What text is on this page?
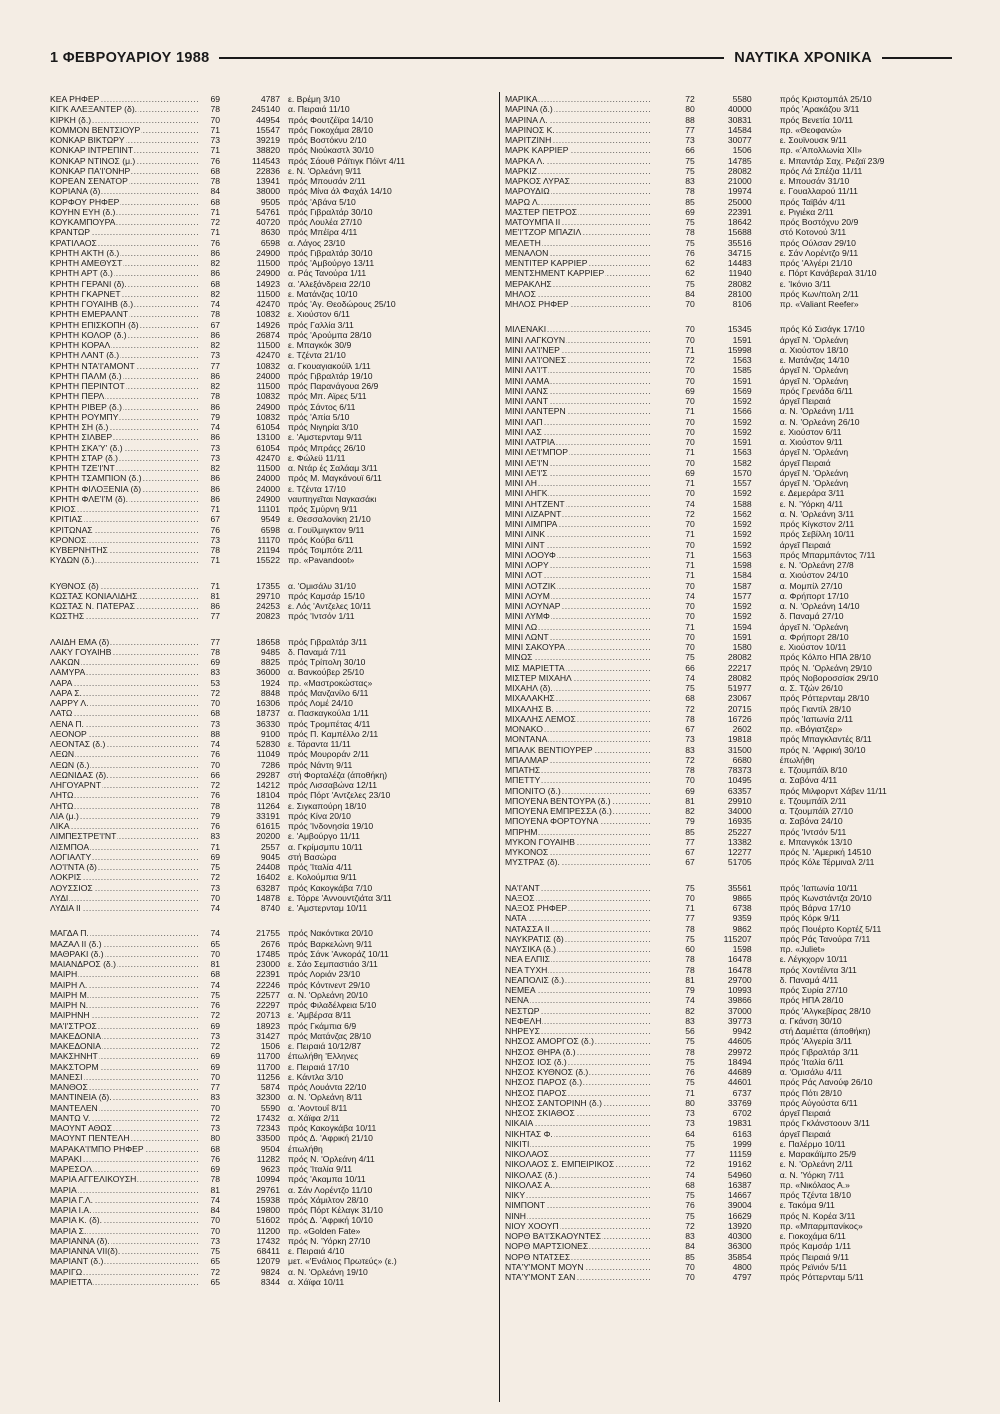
1 ΦΕΒΡΟΥΑΡΙΟΥ 1988	ΝΑΥΤΙΚΑ ΧΡΟΝΙΚΑ
ΚΕΑ ΡΗΦΕΡ .....	69	4787 ε. Βρέμη 3/10
ΚΙΓΚ ΑΛΕΞΑΝΤΕΡ (δ). .....	78	245140 α. Πειραιά 11/10
ΚΙΡΚΗ (δ.) .....	70	44954 πρός Φουτζέϊρα 14/10
ΚΟΜΜΟΝ ΒΕΝΤΣΙΟΥΡ .....	71	15547 πρός Γιοκοχάμα 28/10
ΚΟΝΚΑΡ ΒΙΚΤΩΡΥ .....	73	39219 πρός Βοστόκνυ 2/10
ΚΟΝΚΑΡ ΙΝΤΡΕΠΙΝΤ .....	71	38820 πρός Νιούκαστλ 30/10
ΚΟΝΚΑΡ ΝΤΙΝΟΣ (μ.) .....	76	114543 πρός Σάουθ Ράϊτιγκ Πόϊντ 4/11
ΚΟΝΚΑΡ ΠΑ'Ι'ΟΝΗΡ .....	68	22836 ε. Ν. 'Ορλεάνη 9/11
ΚΟΡΕΑΝ ΣΕΝΑΤΟΡ .....	78	13941 πρός Μπουσάν 2/11
ΚΟΡΙΑΝΑ (δ) .....	84	38000 πρός Μίνα άλ Φαχάλ 14/10
ΚΟΡΦΟΥ ΡΗΦΕΡ .....	68	9505 πρός 'Αβάνα 5/10
ΚΟΥΗΝ ΕΥΗ (δ.) .....	71	54761 πρός Γιβραλτάρ 30/10
ΚΟΥΚΑΜΠΟΥΡΑ .....	72	40720 πρός Λουλέα 27/10
ΚΡΑΝΤΩΡ .....	71	8630 πρός Μπέϊρα 4/11
ΚΡΑΤΙΛΑΟΣ .....	76	6598 α. Λάγος 23/10
ΚΡΗΤΗ ΑΚΤΗ (δ.) .....	86	24900 πρός Γιβραλτάρ 30/10
ΚΡΗΤΗ ΑΜΕΘΥΣΤ .....	82	11500 πρός 'Αμβούργο 13/11
ΚΡΗΤΗ ΑΡΤ (δ.) .....	86	24900 α. Ράς Τανούρα 1/11
ΚΡΗΤΗ ΓΕΡΑΝΙ (δ). .....	68	14923 α. 'Αλεξάνδρεια 22/10
ΚΡΗΤΗ ΓΚΑΡΝΕΤ .....	82	11500 ε. Ματάνζας 10/10
ΚΡΗΤΗ ΓΟΥΑΙΗΒ (δ.) .....	74	42470 πρός 'Αγ. Θεοδώρους 25/10
ΚΡΗΤΗ ΕΜΕΡΑΛΝΤ .....	78	10832 ε. Χιούστον 6/11
ΚΡΗΤΗ ΕΠΙΣΚΟΠΗ (δ) .....	67	14926 πρός Γαλλία 3/11
ΚΡΗΤΗ ΚΟΛΟΡ (δ.) .....	86	26874 πρός 'Αρούμπα 28/10
ΚΡΗΤΗ ΚΟΡΑΛ .....	82	11500 ε. Μπαγκόκ 30/9
ΚΡΗΤΗ ΛΑΝΤ (δ.) .....	73	42470 ε. Τζέντα 21/10
ΚΡΗΤΗ ΝΤΑ'Ι'ΑΜΟΝΤ .....	77	10832 α. Γκουαγιακούϊλ 1/11
ΚΡΗΤΗ ΠΑΛΜ (δ.) .....	86	24000 πρός Γιβραλτάρ 19/10
ΚΡΗΤΗ ΠΕΡΙΝΤΟΤ .....	82	11500 πρός Παρανάγουα 26/9
ΚΡΗΤΗ ΠΕΡΛ .....	78	10832 πρός Μπ. Αϊρες 5/11
ΚΡΗΤΗ ΡΙΒΕΡ (δ.) .....	86	24900 πρός Σάντος 6/11
ΚΡΗΤΗ ΡΟΥΜΠΥ .....	79	10832 πρός 'Απία 5/10
ΚΡΗΤΗ ΣΗ (δ.) .....	74	61054 πρός Νιγηρία 3/10
ΚΡΗΤΗ ΣΙΛΒΕΡ .....	86	13100 ε. 'Αμστερνταμ 9/11
ΚΡΗΤΗ ΣΚΑ'Υ' (δ.) .....	73	61054 πρός Μπράςς 26/10
ΚΡΗΤΗ ΣΤΑΡ (δ.) .....	73	42470 ε. Φώλεϋ 11/11
ΚΡΗΤΗ ΤΖΕ'Ι'ΝΤ .....	82	11500 α. Ντάρ ές Σαλάαμ 3/11
ΚΡΗΤΗ ΤΣΑΜΠΙΟΝ (δ.) .....	86	24000 πρός Μ. Μαγκάνουϊ 6/11
ΚΡΗΤΗ ΦΙΛΟΞΕΝΙΑ (δ) .....	86	24000 ε. Τζέντα 17/10
ΚΡΗΤΗ ΦΛΕ'Ι'Μ (δ). .....	86	24900 ναυπηγεῖται Ναγκασάκι
ΚΡΙΟΣ .....	71	11101 πρός Σμύρνη 9/11
ΚΡΙΤΙΑΣ .....	67	9549 ε. Θεσσαλονίκη 21/10
ΚΡΙΤΩΝΑΣ .....	76	6598 α. Γουϊλμιγκτον 9/11
ΚΡΟΝΟΣ .....	73	11170 πρός Κούβα 6/11
ΚΥΒΕΡΝΗΤΗΣ .....	78	21194 πρός Τσιμπότε 2/11
ΚΥΔΩΝ (δ.) .....	71	15522 πρ. «Pavandoot»
ΚΥΘΝΟΣ (δ) .....	71	17355 α. 'Ομισάλυ 31/10
ΚΩΣΤΑΣ ΚΟΝΙΑΛΙΔΗΣ .....	81	29710 πρός Καμσάρ 15/10
ΚΩΣΤΑΣ Ν. ΠΑΤΕΡΑΣ .....	86	24253 ε. Λός 'Αντζελες 10/11
ΚΩΣΤΗΣ .....	77	20823 πρός 'Ιντσόν 1/11
ΛΑΙΔΗ ΕΜΑ (δ) .....	77	18658 πρός Γιβραλτάρ 3/11
ΛΑΚΥ ΓΟΥΑΙΗΒ .....	78	9485 δ. Παναμά 7/11
ΛΑΚΩΝ .....	69	8825 πρός Τρίπολη 30/10
ΛΑΜΥΡΑ .....	83	36000 α. Βανκούβερ 25/10
ΛΑΡΑ .....	53	1924 πρ. «Μαστροκώστας»
ΛΑΡΑ Σ. .....	72	8848 πρός Μανζανίλο 6/11
ΛΑΡΡΥ Λ. .....	70	16306 πρός Λομέ 24/10
ΛΑΤΩ .....	68	18737 α. Πασκαγκούλα 1/11
ΛΕΝΑ Π. .....	73	36330 πρός Τρομπέτας 4/11
ΛΕΟΝΟΡ .....	88	9100 πρός Π. Καμπέλλο 2/11
ΛΕΟΝΤΑΣ (δ.) .....	74	52830 ε. Τάραντα 11/11
ΛΕΩΝ .....	76	11049 πρός Μουροράν 2/11
ΛΕΩΝ (δ.) .....	70	7286 πρός Νάντη 9/11
ΛΕΩΝΙΔΑΣ (δ). .....	66	29287 στή Φορταλέζα (άποθήκη)
ΛΗΓΟΥΑΡΝΤ .....	72	14212 πρός Λισσαβώνα 12/11
ΛΗΤΩ .....	76	18104 πρός Πόρτ 'Αντζελες 23/10
ΛΗΤΩ .....	78	11264 ε. Σιγκαπούρη 18/10
ΛΙΑ (μ.) .....	79	33191 πρός Κίνα 20/10
ΛΙΚΑ .....	76	61615 πρός 'Ινδονησία 19/10
ΛΙΜΠΕΣΤΡΕ'Ι'ΝΤ .....	83	20200 ε. 'Αμβούργο 11/11
ΛΙΣΜΠΟΑ .....	71	2557 α. Γκρίμσμπυ 10/11
ΛΟΓΙΑΛΤΥ .....	69	9045 στή Βασώρα
ΛΟ'Ι'ΝΤΑ (δ) .....	75	24408 πρός 'Ιταλία 4/11
ΛΟΚΡΙΣ .....	72	16402 ε. Κολούμπια 9/11
ΛΟΥΣΣΙΟΣ .....	73	63287 πρός Κακογκάβα 7/10
ΛΥΔΙ .....	70	14878 ε. Τόρρε 'Αννουντζιάτα 3/11
ΛΥΔΙΑ ΙΙ .....	74	8740 ε. 'Αμστερνταμ 10/11
ΜΑΓΔΑ Π. .....	74	21755 πρός Νακόντικα 20/10
ΜΑΖΑΛ ΙΙ (δ.) .....	65	2676 πρός Βαρκελώνη 9/11
ΜΑΘΡΑΚΙ (δ.) .....	70	17485 πρός Σάνκ 'Ανκοράζ 10/11
ΜΑΙΑΝΔΡΟΣ (δ.) .....	81	23000 ε. Σάο Σεμπαστιάο 3/11
ΜΑΙΡΗ .....	68	22391 πρός Λοριάν 23/10
ΜΑΙΡΗ Λ. .....	74	22246 πρός Κόντινεντ 29/10
ΜΑΙΡΗ Μ. .....	75	22577 α. Ν. 'Ορλεάνη 20/10
ΜΑΙΡΗ Ν. .....	76	22297 πρός Φιλαδέλφεια 5/10
ΜΑΙΡΗΝΗ .....	72	20713 ε. 'Αμβέρσα 8/11
ΜΑ'Ι'ΣΤΡΟΣ .....	69	18923 πρός Γκάμπια 6/9
ΜΑΚΕΔΟΝΙΑ .....	73	31427 πρός Ματάνζας 28/10
ΜΑΚΕΔΟΝΙΑ .....	72	1506 ε. Πειραιά 10/12/87
ΜΑΚΣΗΝΗΤ .....	69	11700 έπωλήθη 'Ελληνες
ΜΑΚΣΤΟΡΜ .....	69	11700 ε. Πειραιά 17/10
ΜΑΝΕΣΙ .....	70	11256 ε. Κάντλα 3/10
ΜΑΝΘΟΣ .....	77	5874 πρός Λουάντα 22/10
ΜΑΝΤΙΝΕΙΑ (δ). .....	83	32300 α. Ν. 'Ορλεάνη 8/11
ΜΑΝΤΕΛΕΝ .....	70	5590 α. 'Αοντουΐ 8/11
ΜΑΝΤΩ V. .....	72	17432 α. Χάϊφα 2/11
ΜΑΟΥΝΤ ΑΘΩΣ .....	73	72343 πρός Κακογκάβα 10/11
ΜΑΟΥΝΤ ΠΕΝΤΕΛΗ .....	80	33500 πρός Δ. 'Αφρική 21/10
ΜΑΡΑΚΑ'Ι'ΜΠΟ ΡΗΦΕΡ .....	68	9504 έπωλήθη
ΜΑΡΑΚΙ .....	76	11282 πρός Ν. 'Ορλεάνη 4/11
ΜΑΡΕΣΟΛ .....	69	9623 πρός 'Ιταλία 9/11
ΜΑΡΙΑ ΑΓΓΕΛΙΚΟΥΣΗ .....	78	10994 πρός 'Ακαμπα 10/11
ΜΑΡΙΑ .....	81	29761 α. Σάν Λορέντζο 11/10
ΜΑΡΙΑ Γ.Λ. .....	74	15938 πρός Χάμιλτον 28/10
ΜΑΡΙΑ Ι.Α. .....	84	19800 πρός Πόρτ Κέλαγκ 31/10
ΜΑΡΙΑ Κ. (δ). .....	70	51602 πρός Δ. 'Αφρική 10/10
ΜΑΡΙΑ Σ. .....	70	11200 πρ. «Golden Fate»
ΜΑΡΙΑΝΝΑ (δ). .....	73	17432 πρός Ν. 'Υόρκη 27/10
ΜΑΡΙΑΝΝΑ VII(δ). .....	75	68411 ε. Πειραιά 4/10
ΜΑΡΙΑΝΤ (δ.) .....	65	12079 μετ. «'Ενάλιος Πρωτεύς» (ε.)
ΜΑΡΙΓΩ .....	72	9824 α. Ν. 'Ορλεάνη 19/10
ΜΑΡΙΕΤΤΑ .....	65	8344 α. Χάϊφα 10/11
ΜΑΡΙΚΑ .....	72	5580	πρός Κριστομπάλ 25/10
ΜΑΡΙΝΑ (δ.) .....	80	40000	πρός 'Αρακάζου 3/11
ΜΑΡΙΝΑ Λ. .....	88	30831	πρός Βενετία 10/11
ΜΑΡΙΝΟΣ Κ. .....	77	14584	πρ. «Θεοφανώ»
ΜΑΡΙΤΖΙΝΗ .....	73	30077	ε. Σουϊνουσκ 9/11
ΜΑΡΚ ΚΑΡΡΙΕΡ .....	66	1506	πρ. «'Απολλωνία ΧΙΙ»
ΜΑΡΚΑ Λ. .....	75	14785	ε. Μπαντάρ Σαχ. Ρεζαϊ 23/9
ΜΑΡΚΙΖ .....	75	28082	πρός Λά Σπέζια 11/11
ΜΑΡΚΟΣ ΛΥΡΑΣ .....	83	21000	ε. Μπουσάν 31/10
ΜΑΡΟΥΔΙΩ .....	78	19974	ε. Γουαλλαρού 11/11
ΜΑΡΩ Λ. .....	85	25000	πρός Ταϊβάν 4/11
ΜΑΣΤΕΡ ΠΕΤΡΟΣ .....	69	22391	ε. Ριγιέκα 2/11
ΜΑΤΟΥΜΠΑ ΙΙ .....	75	18642	πρός Βοστόχνυ 20/9
ΜΕ'Ι'ΤΖΟΡ ΜΠΑΖΙΛ .....	78	15688	στό Κοτονού 3/11
ΜΕΛΕΤΗ .....	75	35516	πρός Ούλσαν 29/10
ΜΕΝΑΛΟΝ .....	76	34715	ε. Σάν Λορέντζο 9/11
ΜΕΝΤΙΤΕΡ ΚΑΡΡΙΕΡ .....	62	14483	πρός 'Αλγέρι 21/10
ΜΕΝΤΣΗΜΕΝΤ ΚΑΡΡΙΕΡ .....	62	11940	ε. Πόρτ Κανάβεραλ 31/10
ΜΕΡΑΚΛΗΣ .....	75	28082	ε. 'Ικόνιο 3/11
ΜΗΛΟΣ .....	84	28100	πρός Κων/πολη 2/11
ΜΗΛΟΣ ΡΗΦΕΡ .....	70	8106	πρ. «Valiant Reefer»
ΜΙΛΕΝΑΚΙ .....	70	15345	πρός Κό Σισάγκ 17/10
ΜΙΝΙ ΛΑΓΚΟΥΝ .....	70	1591	άργεῖ Ν. 'Ορλεάνη
ΜΙΝΙ ΛΑ'Ι'ΝΕΡ .....	71	15998	α. Χιούστον 18/10
ΜΙΝΙ ΛΑ'Ι'ΟΝΕΣ .....	72	1563	ε. Ματάνζας 14/10
ΜΙΝΙ ΛΑ'Ι'Τ .....	70	1585	άργεῖ Ν. 'Ορλεάνη
ΜΙΝΙ ΛΑΜΑ .....	70	1591	άργεῖ Ν. 'Ορλεάνη
ΜΙΝΙ ΛΑΝΣ .....	69	1569	πρός Γρενάδα 6/11
ΜΙΝΙ ΛΑΝΤ .....	70	1592	άργεῖ Πειραιά
ΜΙΝΙ ΛΑΝΤΕΡΝ .....	71	1566	α. Ν. 'Ορλεάνη 1/11
ΜΙΝΙ ΛΑΠ .....	70	1592	α. Ν. 'Ορλεάνη 26/10
ΜΙΝΙ ΛΑΣ .....	70	1592	ε. Χιούστον 6/11
ΜΙΝΙ ΛΑΤΡΙΑ .....	70	1591	α. Χιούστον 9/11
ΜΙΝΙ ΛΕ'Ι'ΜΠΟΡ .....	71	1563	άργεῖ Ν. 'Ορλεάνη
ΜΙΝΙ ΛΕ'Ι'Ν .....	70	1582	άργεῖ Πειραιά
ΜΙΝΙ ΛΕ'Ι'Σ .....	69	1570	άργεῖ Ν. 'Ορλεάνη
ΜΙΝΙ ΛΗ .....	71	1557	άργεῖ Ν. 'Ορλεάνη
ΜΙΝΙ ΛΗΓΚ .....	70	1592	ε. Δεμεράρα 3/11
ΜΙΝΙ ΛΗΤΖΕΝΤ .....	74	1588	ε. Ν. 'Υόρκη 4/11
ΜΙΝΙ ΛΙΖΑΡΝΤ .....	72	1562	α. Ν. 'Ορλεάνη 3/11
ΜΙΝΙ ΛΙΜΠΡΑ .....	70	1592	πρός Κίγκστον 2/11
ΜΙΝΙ ΛΙΝΚ .....	71	1592	πρός Σεβίλλη 10/11
ΜΙΝΙ ΛΙΝΤ .....	70	1592	άργεῖ Πειραιά
ΜΙΝΙ ΛΟΟΥΦ .....	71	1563	πρός Μπαρμπάντος 7/11
ΜΙΝΙ ΛΟΡΥ .....	71	1598	ε. Ν. 'Ορλεάνη 27/8
ΜΙΝΙ ΛΟΤ .....	71	1584	α. Χιούστον 24/10
ΜΙΝΙ ΛΟΤΖΙΚ .....	70	1587	α. Μομπίλ 27/10
ΜΙΝΙ ΛΟΥΜ .....	74	1577	α. Φρήπορτ 17/10
ΜΙΝΙ ΛΟΥΝΑΡ .....	70	1592	α. Ν. 'Ορλεάνη 14/10
ΜΙΝΙ ΛΥΜΦ .....	70	1592	δ. Παναμά 27/10
ΜΙΝΙ ΛΩ .....	71	1594	άργεῖ Ν. 'Ορλεάνη
ΜΙΝΙ ΛΩΝΤ .....	70	1591	α. Φρήπορτ 28/10
ΜΙΝΙ ΣΑΚΟΥΡΑ .....	70	1580	ε. Χιούστον 10/11
ΜΙΝΩΣ .....	75	28082	πρός Κόλπο ΗΠΑ 28/10
ΜΙΣ ΜΑΡΙΕΤΤΑ .....	66	22217	πρός Ν. 'Ορλεάνη 29/10
ΜΙΣΤΕΡ ΜΙΧΑΗΛ .....	74	28082	πρός Νοβοροσσίσκ 29/10
ΜΙΧΑΗΛ (δ). .....	75	51977	α. Σ. Τζών 26/10
ΜΙΧΑΛΑΚΗΣ .....	68	23067	πρός Ρόττερνταμ 28/10
ΜΙΧΑΛΗΣ Β. .....	72	20715	πρός Γιαντίλ 28/10
ΜΙΧΑΛΗΣ ΛΕΜΟΣ .....	78	16726	πρός 'Ιαπωνία 2/11
ΜΟΝΑΚΟ .....	67	2602	πρ. «Βόγιατζερ»
ΜΟΝΤΑΝΑ .....	73	19818	πρός Μπαγκλαντές 8/11
ΜΠΑΛΚ ΒΕΝΤΙΟΥΡΕΡ .....	83	31500	πρός Ν. 'Αφρική 30/10
ΜΠΑΛΜΑΡ .....	72	6680	έπωλήθη
ΜΠΑΤΗΣ .....	78	78373	ε. Τζουμπάϊλ 8/10
ΜΠΕΤΤΥ .....	70	10495	α. Σαβόνα 4/11
ΜΠΟΝΙΤΟ (δ.) .....	69	63357	πρός Μιλφορντ Χάβεν 11/11
ΜΠΟΥΕΝΑ ΒΕΝΤΟΥΡΑ (δ.) .....	81	29910	ε. Τζουμπάϊλ 2/11
ΜΠΟΥΕΝΑ ΕΜΠΡΕΣΣΑ (δ.) .....	82	34000	α. Τζουμπάϊλ 27/10
ΜΠΟΥΕΝΑ ΦΟΡΤΟΥΝΑ .....	79	16935	α. Σαβόνα 24/10
ΜΠΡΗΜ .....	85	25227	πρός 'Ιντσόν 5/11
ΜΥΚΟΝ ΓΟΥΑΙΗΒ .....	77	13382	ε. Μπανγκόκ 13/10
ΜΥΚΟΝΟΣ .....	67	12277	πρός Ν. 'Αμερική 14510
ΜΥΣΤΡΑΣ (δ). .....	67	51705	πρός Κόλε Τέρμιναλ 2/11
ΝΑ'Ι'ΑΝΤ .....	75	35561	πρός 'Ιαπωνία 10/11
ΝΑΞΟΣ .....	70	9865	πρός Κωνστάντζα 20/10
ΝΑΞΟΣ ΡΗΦΕΡ .....	71	6738	πρός Βάρνα 17/10
ΝΑΤΑ .....	77	9359	πρός Κόρκ 9/11
ΝΑΤΑΣΣΑ ΙΙ .....	78	9862	πρός Πουέρτο Κορτέζ 5/11
ΝΑΥΚΡΑΤΙΣ (δ) .....	75	115207	πρός Ράς Τανούρα 7/11
ΝΑΥΣΙΚΑ (δ.) .....	60	1598	πρ. «Juliet»
ΝΕΑ ΕΛΠΙΣ .....	78	16478	ε. Λέγκχορν 10/11
ΝΕΑ ΤΥΧΗ .....	78	16478	πρός Χοντέϊντα 3/11
ΝΕΑΠΟΛΙΣ (δ.) .....	81	29700	δ. Παναμά 4/11
ΝΕΜΕΑ .....	79	10993	πρός Συρία 27/10
ΝΕΝΑ .....	74	39866	πρός ΗΠΑ 28/10
ΝΕΣΤΩΡ .....	82	37000	πρός 'Αλγκεβίρας 28/10
ΝΕΦΕΛΗ .....	83	39773	α. Γκάνση 30/10
ΝΗΡΕΥΣ .....	56	9942	στή Δαμιέττα (άποθήκη)
ΝΗΣΟΣ ΑΜΟΡΓΟΣ (δ.) .....	75	44605	πρός 'Αλγερία 3/11
ΝΗΣΟΣ ΘΗΡΑ (δ.) .....	78	29972	πρός Γιβραλτάρ 3/11
ΝΗΣΟΣ ΙΟΣ (δ.) .....	75	18494	πρός 'Ιταλία 6/11
ΝΗΣΟΣ ΚΥΘΝΟΣ (δ.) .....	76	44689	α. 'Ομισάλυ 4/11
ΝΗΣΟΣ ΠΑΡΟΣ (δ.) .....	75	44601	πρός Ράς Λανούφ 26/10
ΝΗΣΟΣ ΠΑΡΟΣ .....	71	6737	πρός Πότι 28/10
ΝΗΣΟΣ ΣΑΝΤΟΡΙΝΗ (δ.) .....	80	33769	πρός Αύγούστα 6/11
ΝΗΣΟΣ ΣΚΙΑΘΟΣ .....	73	6702	άργεῖ Πειραιά
ΝΙΚΑΙΑ .....	73	19831	πρός Γκλάνστοουν 3/11
ΝΙΚΗΤΑΣ Φ. .....	64	6163	άργεῖ Πειραιά
ΝΙΚΙΤΙ .....	75	1999	ε. Παλέρμο 10/11
ΝΙΚΟΛΑΟΣ .....	77	11159	ε. Μαρακάϊμπο 25/9
ΝΙΚΟΛΑΟΣ Σ. ΕΜΠΕΙΡΙΚΟΣ .....	72	19162	ε. Ν. 'Ορλεάνη 2/11
ΝΙΚΟΛΑΣ (δ.) .....	74	54960	α. Ν. 'Υόρκη 7/11
ΝΙΚΟΛΑΣ Α. .....	68	16387	πρ. «Νικόλαος Α.»
ΝΙΚΥ .....	75	14667	πρός Τζέντα 18/10
ΝΙΜΠΟΝΤ .....	76	39004	ε. Τακόμα 9/11
ΝΙΝΗ .....	75	16629	πρός Ν. Κορέα 3/11
ΝΙΟΥ ΧΟΟΥΠ .....	72	13920	πρ. «Μπαρμπανίκος»
ΝΟΡΘ ΒΑ'Ι'ΣΚΑΟΥΝΤΕΣ .....	83	40300	ε. Γιοκοχάμα 6/11
ΝΟΡΘ ΜΑΡΤΣΙΟΝΕΣ .....	84	36300	πρός Καμσάρ 1/11
ΝΟΡΘ ΝΤΑΤΣΕΣ .....	85	35854	πρός Πειραιά 9/11
ΝΤΑ'Υ'ΜΟΝΤ ΜΟΥΝ .....	70	4800	πρός Ρεϊνιόν 5/11
ΝΤΑ'Υ'ΜΟΝΤ ΣΑΝ .....	70	4797	πρός Ρόττερνταμ 5/11
